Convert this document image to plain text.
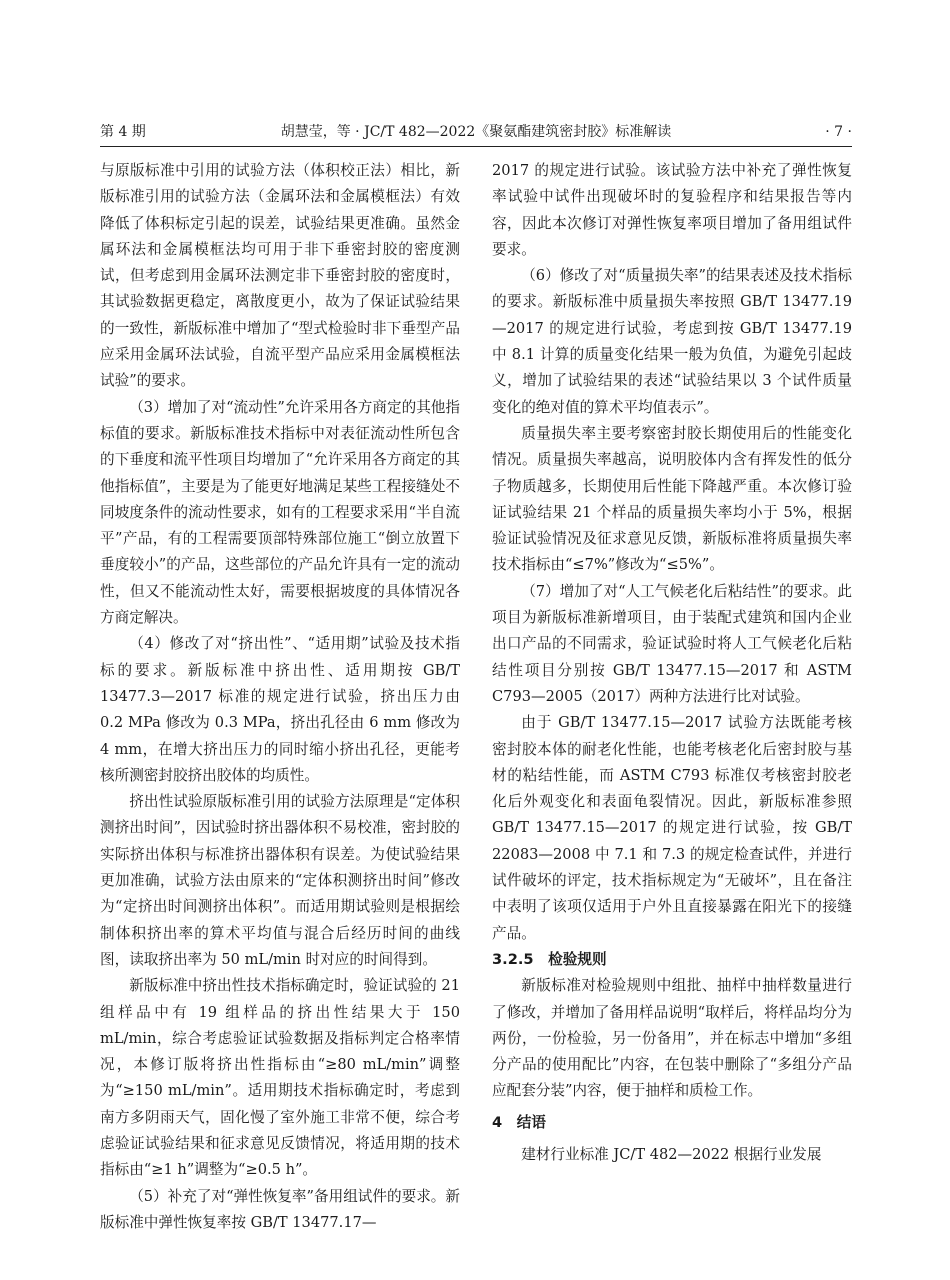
第 4 期	胡慧莹，等 · JC/T 482—2022《聚氨酯建筑密封胶》标准解读	· 7 ·

与原版标准中引用的试验方法（体积校正法）相比，新版标准引用的试验方法（金属环法和金属模框法）有效降低了体积标定引起的误差，试验结果更准确。虽然金属环法和金属模框法均可用于非下垂密封胶的密度测试，但考虑到用金属环法测定非下垂密封胶的密度时，其试验数据更稳定，离散度更小，故为了保证试验结果的一致性，新版标准中增加了“型式检验时非下垂型产品应采用金属环法试验，自流平型产品应采用金属模框法试验”的要求。

（3）增加了对“流动性”允许采用各方商定的其他指标值的要求。新版标准技术指标中对表征流动性所包含的下垂度和流平性项目均增加了“允许采用各方商定的其他指标值”，主要是为了能更好地满足某些工程接缝处不同坡度条件的流动性要求，如有的工程要求采用“半自流平”产品，有的工程需要顶部特殊部位施工“倒立放置下垂度较小”的产品，这些部位的产品允许具有一定的流动性，但又不能流动性太好，需要根据坡度的具体情况各方商定解决。

（4）修改了对“挤出性”、“适用期”试验及技术指标的要求。新版标准中挤出性、适用期按 GB/T 13477.3—2017 标准的规定进行试验，挤出压力由 0.2 MPa 修改为 0.3 MPa，挤出孔径由 6 mm 修改为 4 mm，在增大挤出压力的同时缩小挤出孔径，更能考核所测密封胶挤出胶体的均质性。

挤出性试验原版标准引用的试验方法原理是“定体积测挤出时间”，因试验时挤出器体积不易校准，密封胶的实际挤出体积与标准挤出器体积有误差。为使试验结果更加准确，试验方法由原来的“定体积测挤出时间”修改为“定挤出时间测挤出体积”。而适用期试验则是根据绘制体积挤出率的算术平均值与混合后经历时间的曲线图，读取挤出率为 50 mL/min 时对应的时间得到。

新版标准中挤出性技术指标确定时，验证试验的 21 组样品中有 19 组样品的挤出性结果大于 150 mL/min，综合考虑验证试验数据及指标判定合格率情况，本修订版将挤出性指标由“≥80 mL/min”调整为“≥150 mL/min”。适用期技术指标确定时，考虑到南方多阴雨天气，固化慢了室外施工非常不便，综合考虑验证试验结果和征求意见反馈情况，将适用期的技术指标由“≥1 h”调整为“≥0.5 h”。

（5）补充了对“弹性恢复率”备用组试件的要求。新版标准中弹性恢复率按 GB/T 13477.17—

2017 的规定进行试验。该试验方法中补充了弹性恢复率试验中试件出现破坏时的复验程序和结果报告等内容，因此本次修订对弹性恢复率项目增加了备用组试件要求。

（6）修改了对“质量损失率”的结果表述及技术指标的要求。新版标准中质量损失率按照 GB/T 13477.19—2017 的规定进行试验，考虑到按 GB/T 13477.19 中 8.1 计算的质量变化结果一般为负值，为避免引起歧义，增加了试验结果的表述“试验结果以 3 个试件质量变化的绝对值的算术平均值表示”。

质量损失率主要考察密封胶长期使用后的性能变化情况。质量损失率越高，说明胶体内含有挥发性的低分子物质越多，长期使用后性能下降越严重。本次修订验证试验结果 21 个样品的质量损失率均小于 5%，根据验证试验情况及征求意见反馈，新版标准将质量损失率技术指标由“≤7%”修改为“≤5%”。

（7）增加了对“人工气候老化后粘结性”的要求。此项目为新版标准新增项目，由于装配式建筑和国内企业出口产品的不同需求，验证试验时将人工气候老化后粘结性项目分别按 GB/T 13477.15—2017 和 ASTM C793—2005（2017）两种方法进行比对试验。

由于 GB/T 13477.15—2017 试验方法既能考核密封胶本体的耐老化性能，也能考核老化后密封胶与基材的粘结性能，而 ASTM C793 标准仅考核密封胶老化后外观变化和表面龟裂情况。因此，新版标准参照 GB/T 13477.15—2017 的规定进行试验，按 GB/T 22083—2008 中 7.1 和 7.3 的规定检查试件，并进行试件破坏的评定，技术指标规定为“无破坏”，且在备注中表明了该项仅适用于户外且直接暴露在阳光下的接缝产品。

3.2.5 检验规则

新版标准对检验规则中组批、抽样中抽样数量进行了修改，并增加了备用样品说明“取样后，将样品均分为两份，一份检验，另一份备用”，并在标志中增加“多组分产品的使用配比”内容，在包装中删除了“多组分产品应配套分装”内容，便于抽样和质检工作。

4 结语

建材行业标准 JC/T 482—2022 根据行业发展
